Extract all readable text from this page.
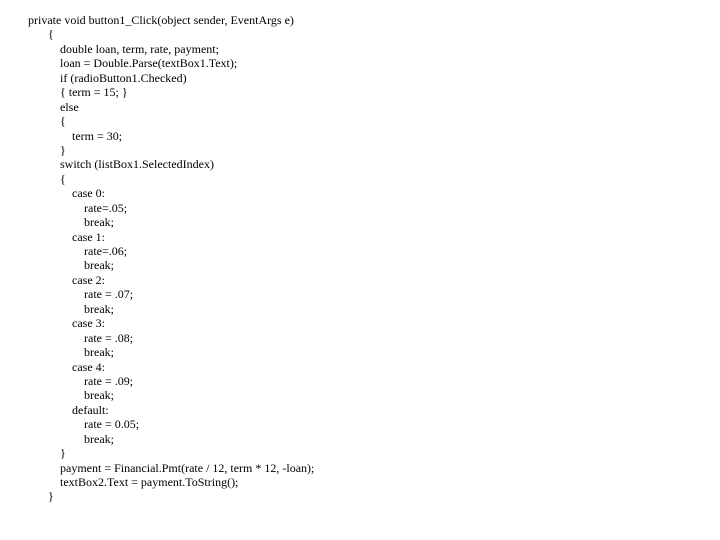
private void button1_Click(object sender, EventArgs e)
{
double loan, term, rate, payment;
loan = Double.Parse(textBox1.Text);
if (radioButton1.Checked)
{ term = 15; }
else
{
term = 30;
}
switch (listBox1.SelectedIndex)
{
case 0:
rate=.05;
break;
case 1:
rate=.06;
break;
case 2:
rate = .07;
break;
case 3:
rate = .08;
break;
case 4:
rate = .09;
break;
default:
rate = 0.05;
break;
}
payment = Financial.Pmt(rate / 12, term * 12, -loan);
textBox2.Text = payment.ToString();
}
